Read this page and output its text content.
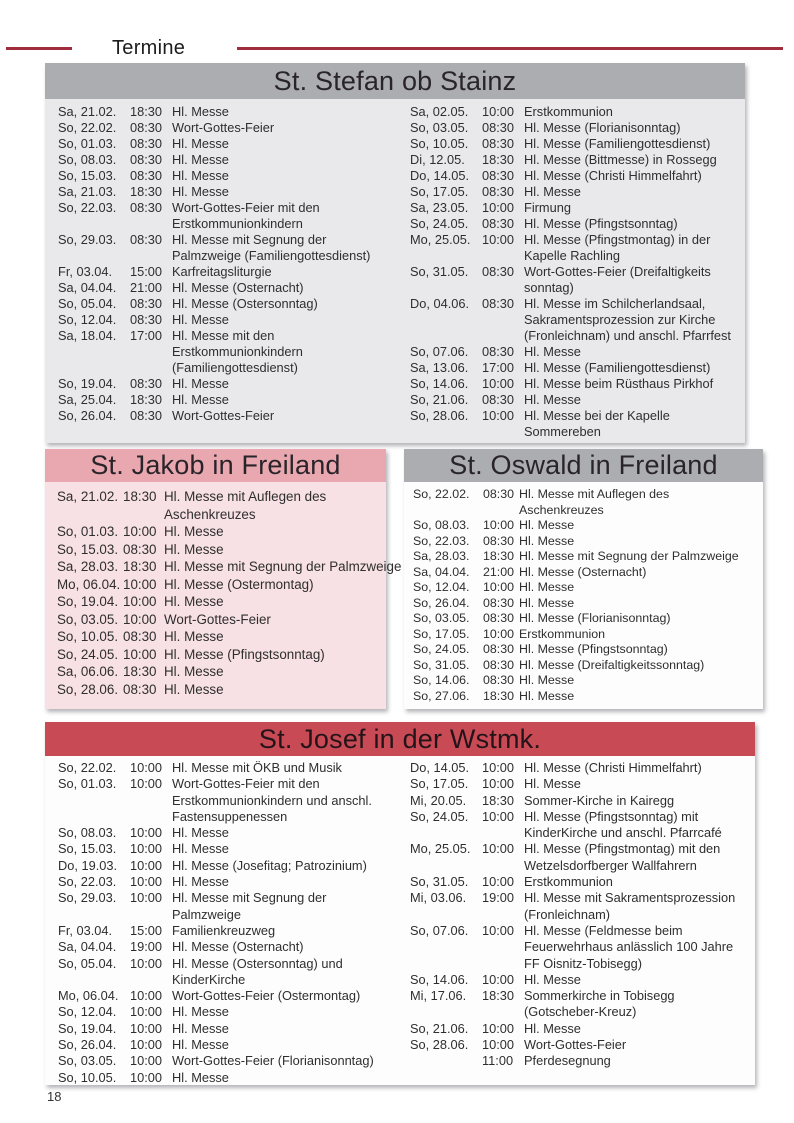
Termine
St. Stefan ob Stainz
Sa, 21.02.	18:30 Hl. Messe
So, 22.02.	08:30 Wort-Gottes-Feier
So, 01.03.	08:30 Hl. Messe
So, 08.03.	08:30 Hl. Messe
So, 15.03.	08:30 Hl. Messe
Sa, 21.03.	18:30 Hl. Messe
So, 22.03.	08:30 Wort-Gottes-Feier mit den
Erstkommunionkindern
So, 29.03.	08:30 Hl. Messe mit Segnung der
Palmzweige (Familiengottesdienst)
Fr, 03.04.	15:00 Karfreitagsliturgie
Sa, 04.04.	21:00 Hl. Messe (Osternacht)
So, 05.04.	08:30 Hl. Messe (Ostersonntag)
So, 12.04.	08:30 Hl. Messe
Sa, 18.04.	17:00 Hl. Messe mit den
Erstkommunionkindern
(Familiengottesdienst)
So, 19.04.	08:30 Hl. Messe
Sa, 25.04.	18:30 Hl. Messe
So, 26.04.	08:30 Wort-Gottes-Feier
Sa, 02.05.	10:00 Erstkommunion
So, 03.05.	08:30 Hl. Messe (Florianisonntag)
So, 10.05.	08:30 Hl. Messe (Familiengottesdienst)
Di, 12.05.	18:30 Hl. Messe (Bittmesse) in Rossegg
Do, 14.05.	08:30 Hl. Messe (Christi Himmelfahrt)
So, 17.05.	08:30 Hl. Messe
Sa, 23.05.	10:00 Firmung
So, 24.05.	08:30 Hl. Messe (Pfingstsonntag)
Mo, 25.05. 10:00 Hl. Messe (Pfingstmontag) in der
Kapelle Rachling
So, 31.05.	08:30 Wort-Gottes-Feier (Dreifaltigkeits
sonntag)
Do, 04.06.	08:30 Hl. Messe im Schilcherlandsaal,
Sakramentsprozession zur Kirche
(Fronleichnam) und anschl. Pfarrfest
So, 07.06.	08:30 Hl. Messe
Sa, 13.06.	17:00 Hl. Messe (Familiengottesdienst)
So, 14.06.	10:00 Hl. Messe beim Rüsthaus Pirkhof
So, 21.06.	08:30 Hl. Messe
So, 28.06.	10:00 Hl. Messe bei der Kapelle
Sommereben
St. Jakob in Freiland
Sa, 21.02. 18:30 Hl. Messe mit Auflegen des
Aschenkreuzes
So, 01.03. 10:00 Hl. Messe
So, 15.03. 08:30 Hl. Messe
Sa, 28.03. 18:30 Hl. Messe mit Segnung der Palmzweige
Mo, 06.04. 10:00 Hl. Messe (Ostermontag)
So, 19.04. 10:00 Hl. Messe
So, 03.05. 10:00 Wort-Gottes-Feier
So, 10.05. 08:30 Hl. Messe
So, 24.05. 10:00 Hl. Messe (Pfingstsonntag)
Sa, 06.06. 18:30 Hl. Messe
So, 28.06. 08:30 Hl. Messe
St. Oswald in Freiland
So, 22.02.	08:30 Hl. Messe mit Auflegen des
Aschenkreuzes
So, 08.03.	10:00 Hl. Messe
So, 22.03.	08:30 Hl. Messe
Sa, 28.03.	18:30 Hl. Messe mit Segnung der Palmzweige
Sa, 04.04.	21:00 Hl. Messe (Osternacht)
So, 12.04.	10:00 Hl. Messe
So, 26.04.	08:30 Hl. Messe
So, 03.05.	08:30 Hl. Messe (Florianisonntag)
So, 17.05.	10:00 Erstkommunion
So, 24.05.	08:30 Hl. Messe (Pfingstsonntag)
So, 31.05.	08:30 Hl. Messe (Dreifaltigkeitssonntag)
So, 14.06.	08:30 Hl. Messe
So, 27.06.	18:30 Hl. Messe
St. Josef in der Wstmk.
So, 22.02.	10:00 Hl. Messe mit ÖKB und Musik
So, 01.03.	10:00 Wort-Gottes-Feier mit den
Erstkommunionkindern und anschl.
Fastensuppenessen
So, 08.03.	10:00 Hl. Messe
So, 15.03.	10:00 Hl. Messe
Do, 19.03.	10:00 Hl. Messe (Josefitag; Patrozinium)
So, 22.03.	10:00 Hl. Messe
So, 29.03.	10:00 Hl. Messe mit Segnung der
Palmzweige
Fr, 03.04.	15:00 Familienkreuzweg
Sa, 04.04.	19:00 Hl. Messe (Osternacht)
So, 05.04.	10:00 Hl. Messe (Ostersonntag) und
KinderKirche
Mo, 06.04. 10:00 Wort-Gottes-Feier (Ostermontag)
So, 12.04.	10:00 Hl. Messe
So, 19.04.	10:00 Hl. Messe
So, 26.04.	10:00 Hl. Messe
So, 03.05.	10:00 Wort-Gottes-Feier (Florianisonntag)
So, 10.05.	10:00 Hl. Messe
Do, 14.05.	10:00 Hl. Messe (Christi Himmelfahrt)
So, 17.05.	10:00 Hl. Messe
Mi, 20.05.	18:30 Sommer-Kirche in Kairegg
So, 24.05.	10:00 Hl. Messe (Pfingstsonntag) mit
KinderKirche und anschl. Pfarrcafé
Mo, 25.05. 10:00 Hl. Messe (Pfingstmontag) mit den
Wetzelsdorfberger Wallfahrern
So, 31.05.	10:00 Erstkommunion
Mi, 03.06.	19:00 Hl. Messe mit Sakramentsprozession
(Fronleichnam)
So, 07.06.	10:00 Hl. Messe (Feldmesse beim
Feuerwehrhaus anlässlich 100 Jahre
FF Oisnitz-Tobisegg)
So, 14.06.	10:00 Hl. Messe
Mi, 17.06.	18:30 Sommerkirche in Tobisegg
(Gotscheber-Kreuz)
So, 21.06.	10:00 Hl. Messe
So, 28.06.	10:00 Wort-Gottes-Feier
11:00 Pferdesegnung
18
